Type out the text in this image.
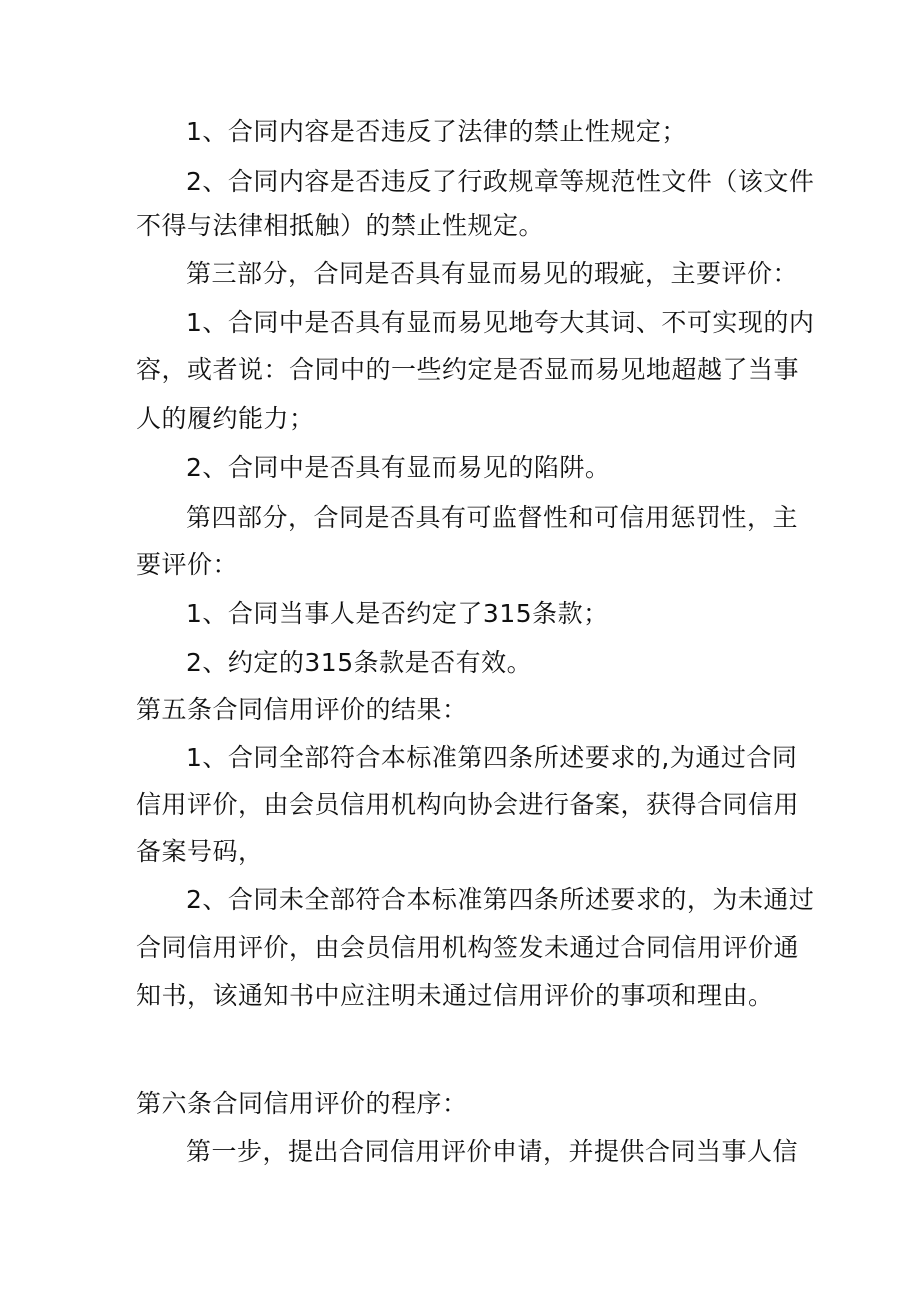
1、合同内容是否违反了法律的禁止性规定；
2、合同内容是否违反了行政规章等规范性文件（该文件
不得与法律相抵触）的禁止性规定。
第三部分，合同是否具有显而易见的瑕疵，主要评价：
1、合同中是否具有显而易见地夸大其词、不可实现的内
容，或者说：合同中的一些约定是否显而易见地超越了当事
人的履约能力；
2、合同中是否具有显而易见的陷阱。
第四部分，合同是否具有可监督性和可信用惩罚性，主
要评价：
1、合同当事人是否约定了315条款；
2、约定的315条款是否有效。
第五条合同信用评价的结果：
1、合同全部符合本标准第四条所述要求的,为通过合同
信用评价，由会员信用机构向协会进行备案，获得合同信用
备案号码，
2、合同未全部符合本标准第四条所述要求的，为未通过
合同信用评价，由会员信用机构签发未通过合同信用评价通
知书，该通知书中应注明未通过信用评价的事项和理由。
第六条合同信用评价的程序：
第一步，提出合同信用评价申请，并提供合同当事人信
